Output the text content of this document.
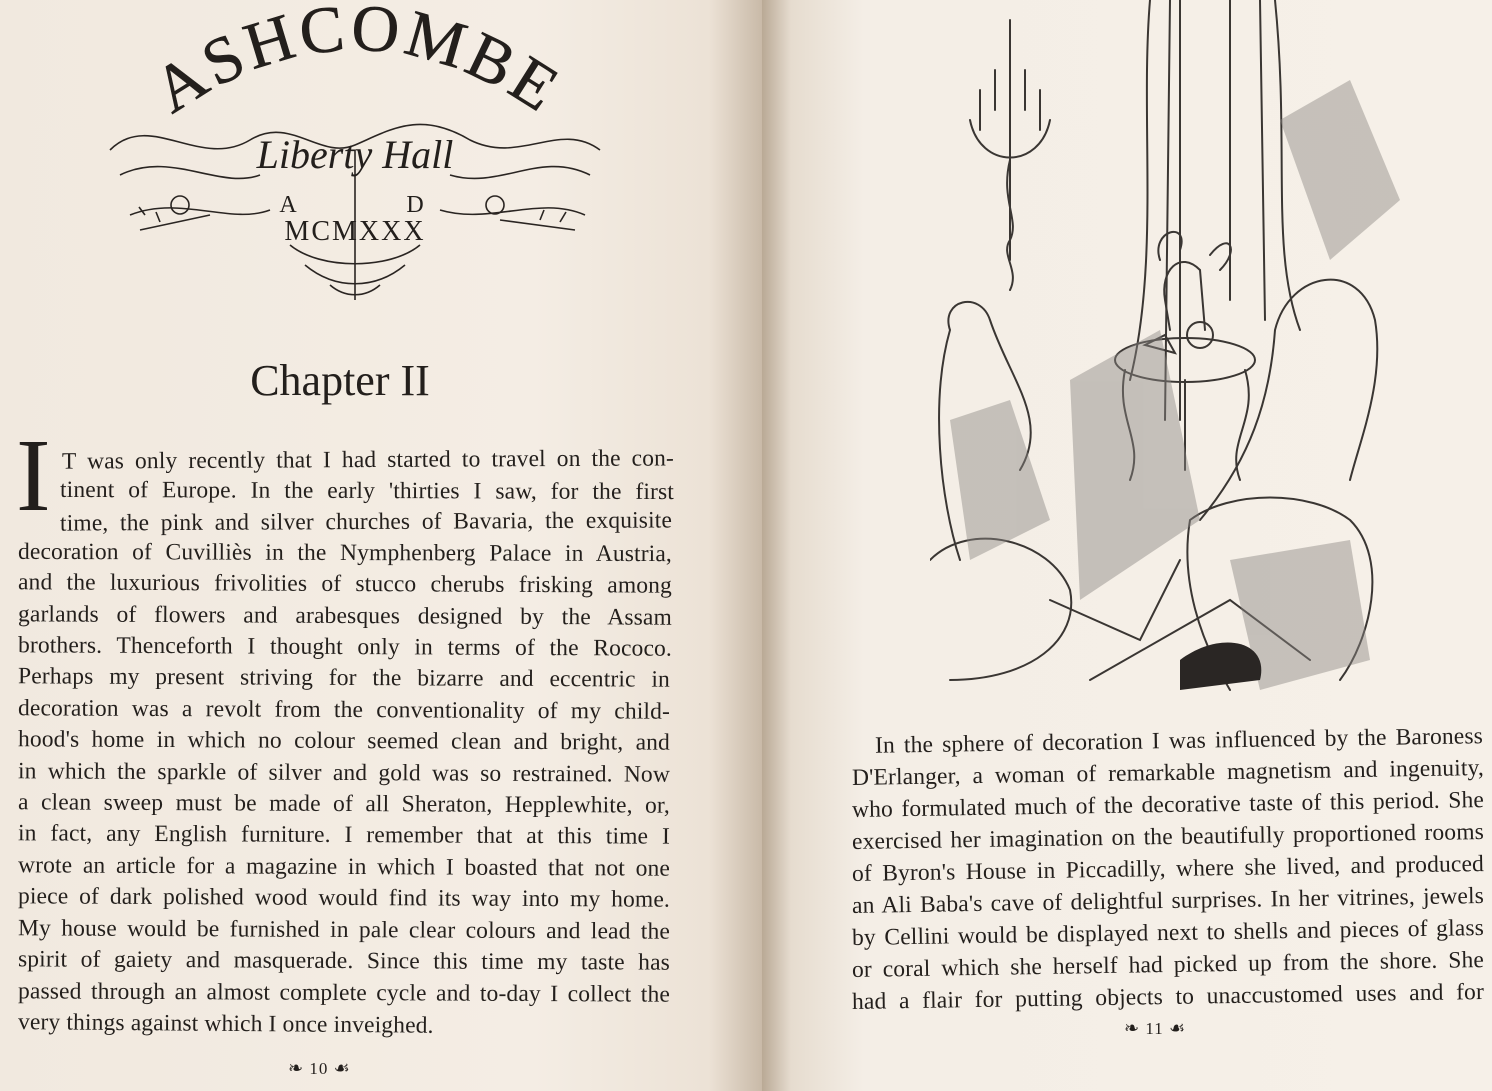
ASHCOMBE
Liberty Hall
A	D
MCMXXX
Chapter II
I T was only recently that I had started to travel on the con-
tinent of Europe. In the early 'thirties I saw, for the first
time, the pink and silver churches of Bavaria, the exquisite
decoration of Cuvilliès in the Nymphenberg Palace in Austria,
and the luxurious frivolities of stucco cherubs frisking among
garlands of flowers and arabesques designed by the Assam
brothers. Thenceforth I thought only in terms of the Rococo.
Perhaps my present striving for the bizarre and eccentric in
decoration was a revolt from the conventionality of my child-
hood's home in which no colour seemed clean and bright, and
in which the sparkle of silver and gold was so restrained. Now
a clean sweep must be made of all Sheraton, Hepplewhite, or,
in fact, any English furniture. I remember that at this time I
wrote an article for a magazine in which I boasted that not one
piece of dark polished wood would find its way into my home.
My house would be furnished in pale clear colours and lead the
spirit of gaiety and masquerade. Since this time my taste has
passed through an almost complete cycle and to-day I collect the
very things against which I once inveighed.
❧ 10 ☙
In the sphere of decoration I was influenced by the Baroness
D'Erlanger, a woman of remarkable magnetism and ingenuity,
who formulated much of the decorative taste of this period. She
exercised her imagination on the beautifully proportioned rooms
of Byron's House in Piccadilly, where she lived, and produced
an Ali Baba's cave of delightful surprises. In her vitrines, jewels
by Cellini would be displayed next to shells and pieces of glass
or coral which she herself had picked up from the shore. She
had a flair for putting objects to unaccustomed uses and for
❧ 11 ☙
